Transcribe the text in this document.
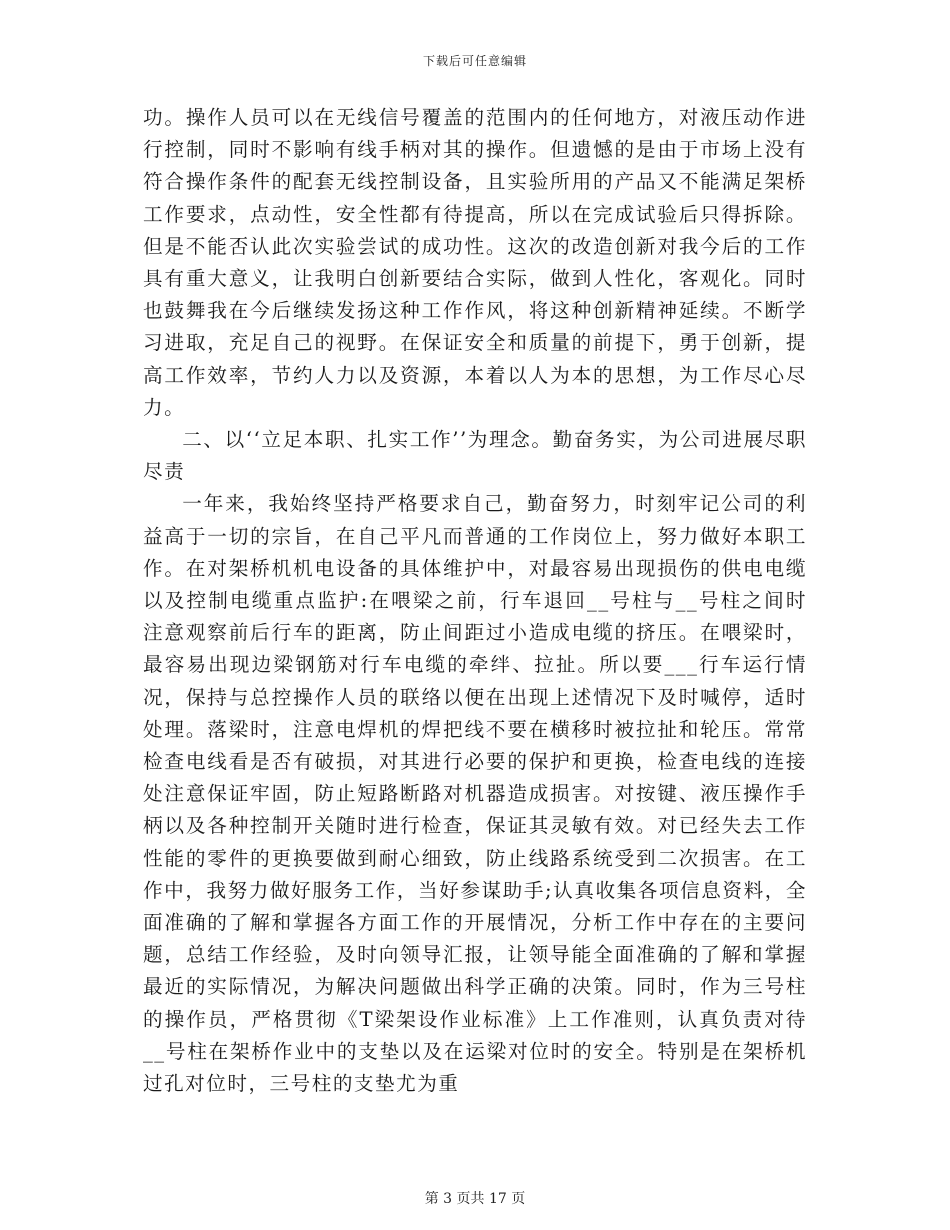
下载后可任意编辑

功。操作人员可以在无线信号覆盖的范围内的任何地方，对液压动作进行控制，同时不影响有线手柄对其的操作。但遗憾的是由于市场上没有符合操作条件的配套无线控制设备，且实验所用的产品又不能满足架桥工作要求，点动性，安全性都有待提高，所以在完成试验后只得拆除。但是不能否认此次实验尝试的成功性。这次的改造创新对我今后的工作具有重大意义，让我明白创新要结合实际，做到人性化，客观化。同时也鼓舞我在今后继续发扬这种工作作风，将这种创新精神延续。不断学习进取，充足自己的视野。在保证安全和质量的前提下，勇于创新，提高工作效率，节约人力以及资源，本着以人为本的思想，为工作尽心尽力。

二、以‘‘立足本职、扎实工作’’为理念。勤奋务实，为公司进展尽职尽责

一年来，我始终坚持严格要求自己，勤奋努力，时刻牢记公司的利益高于一切的宗旨，在自己平凡而普通的工作岗位上，努力做好本职工作。在对架桥机机电设备的具体维护中，对最容易出现损伤的供电电缆以及控制电缆重点监护:在喂梁之前，行车退回__号柱与__号柱之间时注意观察前后行车的距离，防止间距过小造成电缆的挤压。在喂梁时，最容易出现边梁钢筋对行车电缆的牵绊、拉扯。所以要___行车运行情况，保持与总控操作人员的联络以便在出现上述情况下及时喊停，适时处理。落梁时，注意电焊机的焊把线不要在横移时被拉扯和轮压。常常检查电线看是否有破损，对其进行必要的保护和更换，检查电线的连接处注意保证牢固，防止短路断路对机器造成损害。对按键、液压操作手柄以及各种控制开关随时进行检查，保证其灵敏有效。对已经失去工作性能的零件的更换要做到耐心细致，防止线路系统受到二次损害。在工作中，我努力做好服务工作，当好参谋助手;认真收集各项信息资料，全面准确的了解和掌握各方面工作的开展情况，分析工作中存在的主要问题，总结工作经验，及时向领导汇报，让领导能全面准确的了解和掌握最近的实际情况，为解决问题做出科学正确的决策。同时，作为三号柱的操作员，严格贯彻《T梁架设作业标准》上工作准则，认真负责对待__号柱在架桥作业中的支垫以及在运梁对位时的安全。特别是在架桥机过孔对位时，三号柱的支垫尤为重

第 3 页共 17 页
